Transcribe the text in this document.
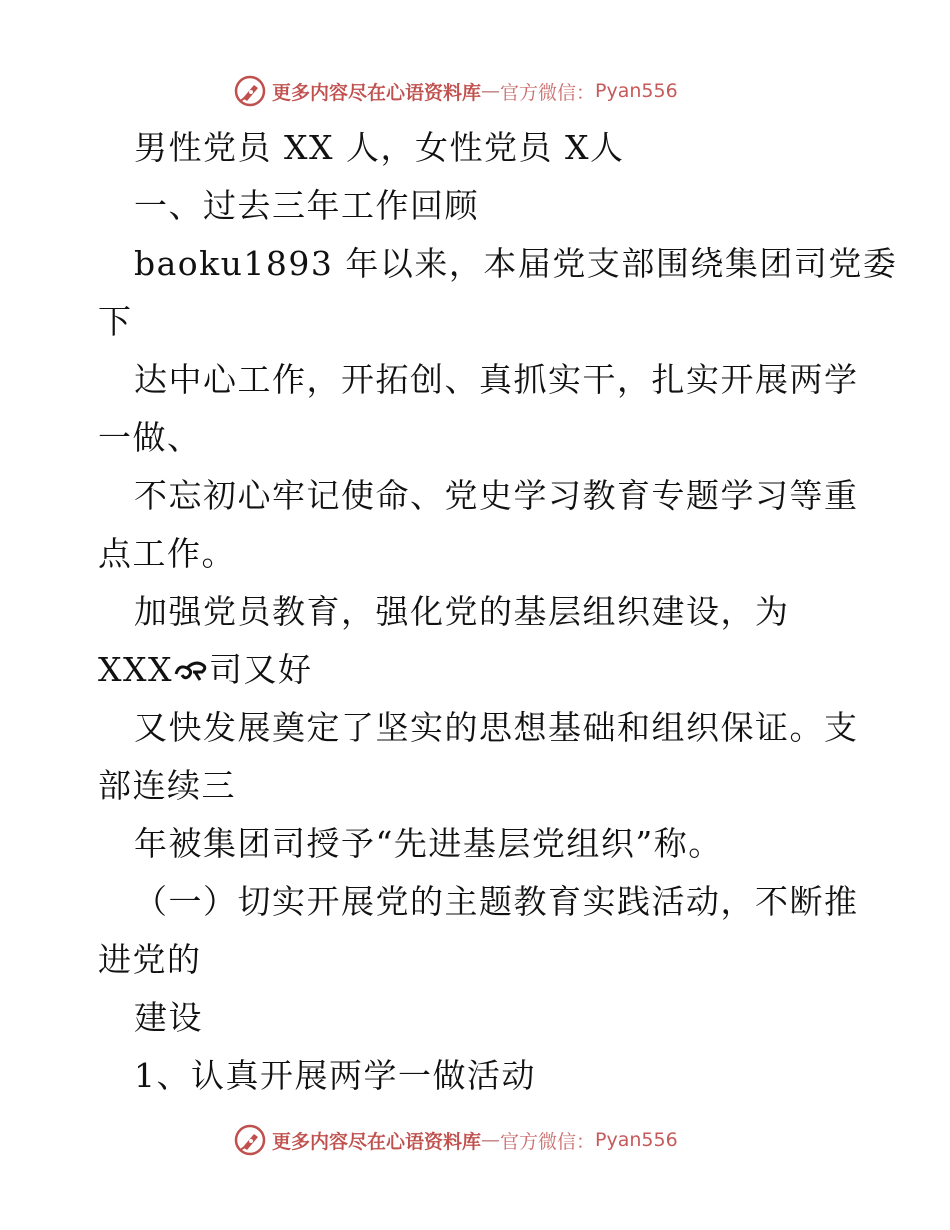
更多内容尽在心语资料库 — 官方微信： Pyan556
男性党员 XX 人，女性党员 X人
一、过去三年工作回顾
baoku1893 年以来，本届党支部围绕集团司党委
下
达中心工作，开拓创、真抓实干，扎实开展两学
一做、
不忘初心牢记使命、党史学习教育专题学习等重
点工作。
加强党员教育，强化党的基层组织建设，为
XXX 司又好
又快发展奠定了坚实的思想基础和组织保证。支
部连续三
年被集团司授予“先进基层党组织”称。
（一）切实开展党的主题教育实践活动，不断推
进党的
建设
1、认真开展两学一做活动
更多内容尽在心语资料库 — 官方微信： Pyan556
